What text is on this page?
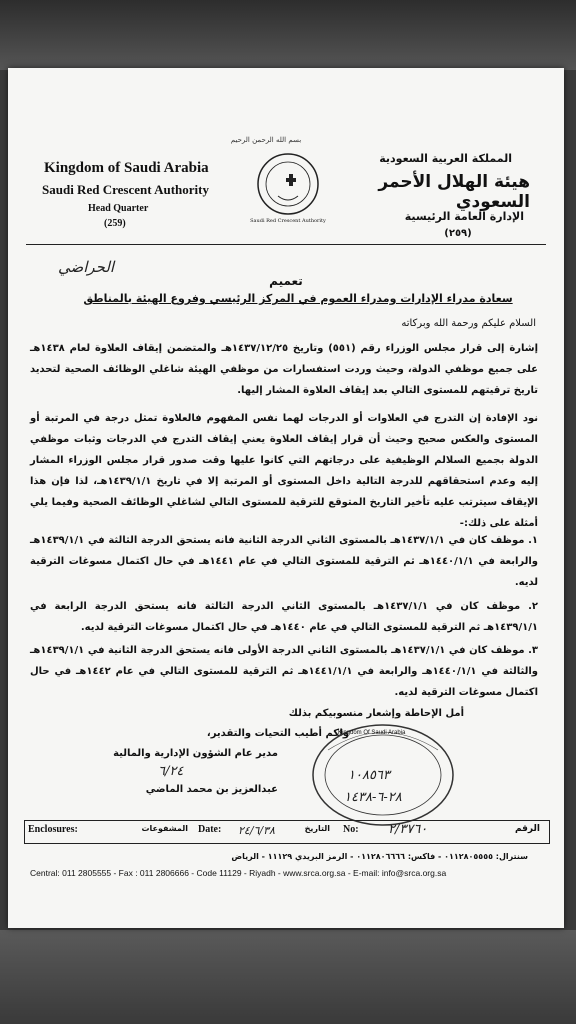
Kingdom of Saudi Arabia
Saudi Red Crescent Authority
Head Quarter
(259)
بسم الله الرحمن الرحيم
Saudi Red Crescent Authority
المملكة العربية السعودية
هيئة الهلال الأحمر السعودي
الإدارة العامة الرئيسية
(٢٥٩)
الحراضي
تعميم
سعادة مدراء الإدارات ومدراء العموم في المركز الرئيسي وفروع الهيئة بالمناطق
السلام عليكم ورحمة الله وبركاته
إشارة إلى قرار مجلس الوزراء رقم (٥٥١) وتاريخ ١٤٣٧/١٢/٢٥هـ والمتضمن إيقاف العلاوة لعام ١٤٣٨هـ على جميع موظفي الدولة، وحيث وردت استفسارات من موظفي الهيئة شاغلي الوظائف الصحية لتحديد تاريخ ترقيتهم للمستوى التالي بعد إيقاف العلاوة المشار إليها.
نود الإفادة إن التدرج في العلاوات أو الدرجات لهما نفس المفهوم فالعلاوة تمثل درجة في المرتبة أو المستوى والعكس صحيح وحيث أن قرار إيقاف العلاوة يعني إيقاف التدرج في الدرجات وثبات موظفي الدولة بجميع السلالم الوظيفية على درجاتهم التي كانوا عليها وقت صدور قرار مجلس الوزراء المشار إليه وعدم استحقاقهم للدرجة التالية داخل المستوى أو المرتبة إلا في تاريخ ١٤٣٩/١/١هـ، لذا فإن هذا الإيقاف سيترتب عليه تأخير التاريخ المتوقع للترقية للمستوى التالي لشاغلي الوظائف الصحية وفيما يلي أمثلة على ذلك:-
١. موظف كان في ١٤٣٧/١/١هـ بالمستوى الثاني الدرجة الثانية فانه يستحق الدرجة الثالثة في ١٤٣٩/١/١هـ والرابعة في ١٤٤٠/١/١هـ ثم الترقية للمستوى التالي في عام ١٤٤١هـ في حال اكتمال مسوغات الترقية لديه.
٢. موظف كان في ١٤٣٧/١/١هـ بالمستوى الثاني الدرجة الثالثة فانه يستحق الدرجة الرابعة في ١٤٣٩/١/١هـ ثم الترقية للمستوى التالي في عام ١٤٤٠هـ في حال اكتمال مسوغات الترقية لديه.
٣. موظف كان في ١٤٣٧/١/١هـ بالمستوى الثاني الدرجة الأولى فانه يستحق الدرجة الثانية في ١٤٣٩/١/١هـ والثالثة في ١٤٤٠/١/١هـ والرابعة في ١٤٤١/١/١هـ ثم الترقية للمستوى التالي في عام ١٤٤٢هـ في حال اكتمال مسوغات الترقية لديه.
أمل الإحاطة وإشعار منسوبيكم بذلك
ولكم أطيب التحيات والتقدير،
مدير عام الشؤون الإدارية والمالية
٦/٢٤
عبدالعزيز بن محمد الماضي
Kingdom Of Saudi Arabia
١٠٨٥٦٣
٢٨-٦-١٤٣٨
Enclosures:	المشفوعات Date: ٢٤/٦/٣٨	التاريخ No: ٢/٣٧٦٠	الرقم
سنترال: ٠١١٢٨٠٥٥٥٥ - فاكس: ٠١١٢٨٠٦٦٦٦ - الرمز البريدي ١١١٢٩ - الرياض
Central: 011 2805555 - Fax : 011 2806666 - Code 11129 - Riyadh - www.srca.org.sa - E-mail: info@srca.org.sa
